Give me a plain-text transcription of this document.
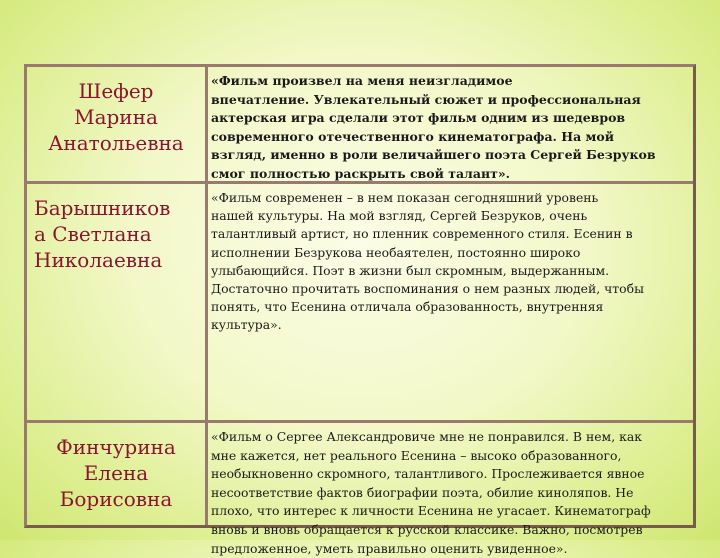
Шефер
Марина
Анатольевна
«Фильм произвел на меня неизгладимое
впечатление. Увлекательный сюжет и профессиональная
актерская игра сделали этот фильм одним из шедевров
современного отечественного кинематографа. На мой
взгляд, именно в роли величайшего поэта Сергей Безруков
смог полностью раскрыть свой талант».
Барышников
а Светлана
Николаевна
«Фильм современен – в нем показан сегодняшний уровень
нашей культуры. На мой взгляд, Сергей Безруков, очень
талантливый артист, но пленник современного стиля. Есенин в
исполнении Безрукова необаятелен, постоянно широко
улыбающийся. Поэт в жизни был скромным, выдержанным.
Достаточно прочитать воспоминания о нем разных людей, чтобы
понять, что Есенина отличала образованность, внутренняя
культура».
Финчурина
Елена
Борисовна
«Фильм о Сергее Александровиче мне не понравился. В нем, как
мне кажется, нет реального Есенина – высоко образованного,
необыкновенно скромного, талантливого. Прослеживается явное
несоответствие фактов биографии поэта, обилие киноляпов. Не
плохо, что интерес к личности Есенина не угасает. Кинематограф
вновь и вновь обращается к русской классике. Важно, посмотрев
предложенное, уметь правильно оценить увиденное».
